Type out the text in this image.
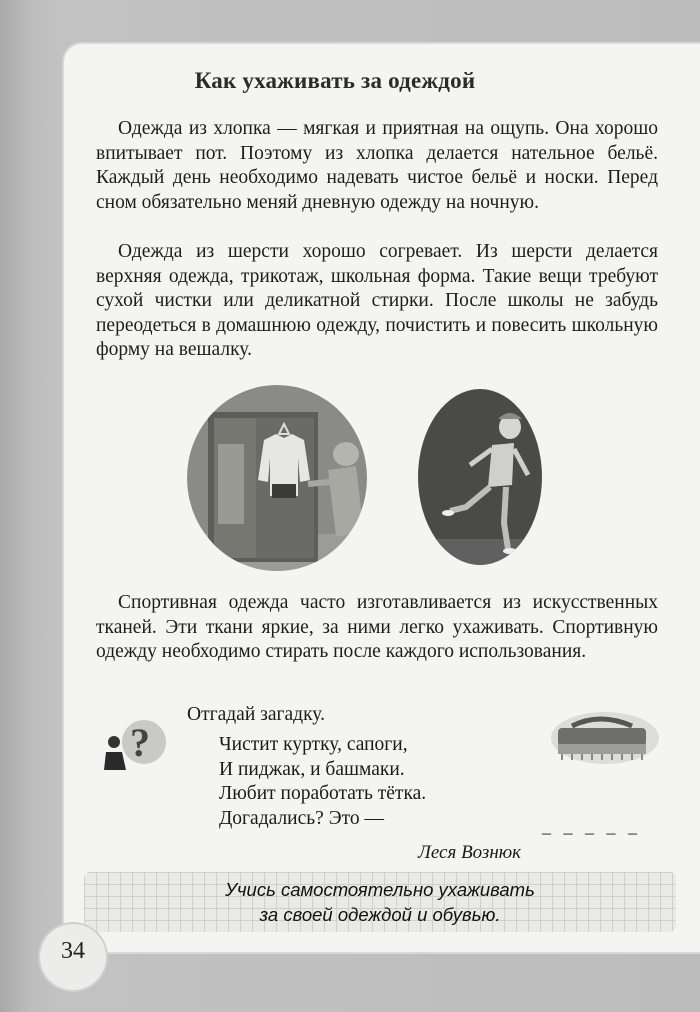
Как ухаживать за одеждой

Одежда из хлопка — мягкая и приятная на ощупь. Она хорошо впитывает пот. Поэтому из хлопка делается нательное бельё. Каждый день необходимо надевать чистое бельё и носки. Перед сном обязательно меняй дневную одежду на ночную.

Одежда из шерсти хорошо согревает. Из шерсти делается верхняя одежда, трикотаж, школьная форма. Такие вещи требуют сухой чистки или деликатной стирки. После школы не забудь переодеться в домашнюю одежду, почистить и повесить школьную форму на вешалку.

Спортивная одежда часто изготавливается из искусственных тканей. Эти ткани яркие, за ними легко ухаживать. Спортивную одежду необходимо стирать после каждого использования.

?
Отгадай загадку.
Чистит куртку, сапоги,
И пиджак, и башмаки.
Любит поработать тётка.
Догадались? Это —	_ _ _ _ _
Леся Вознюк
Учись самостоятельно ухаживать
за своей одеждой и обувью.
34
